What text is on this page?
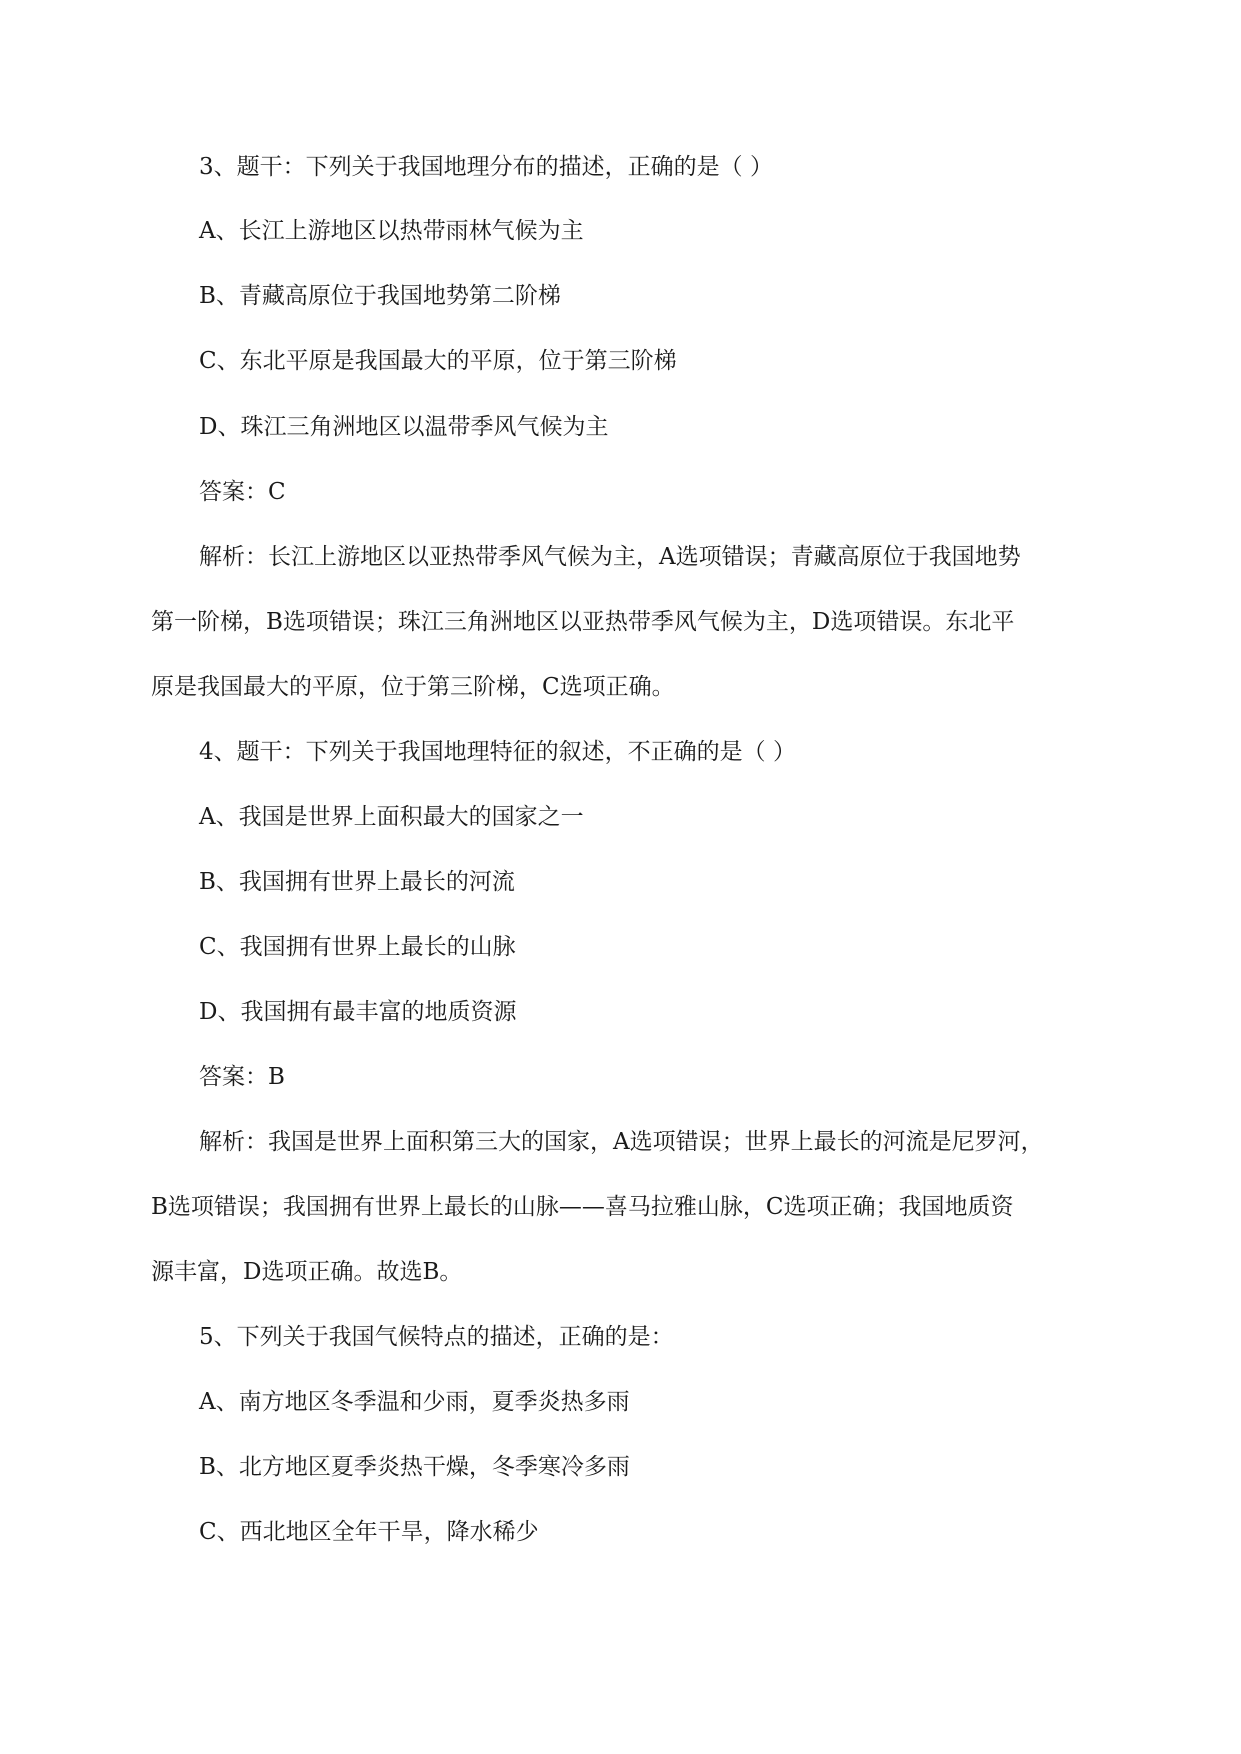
3、题干：下列关于我国地理分布的描述，正确的是（ ）
A、长江上游地区以热带雨林气候为主
B、青藏高原位于我国地势第二阶梯
C、东北平原是我国最大的平原，位于第三阶梯
D、珠江三角洲地区以温带季风气候为主
答案：C
解析：长江上游地区以亚热带季风气候为主，A选项错误；青藏高原位于我国地势
第一阶梯，B选项错误；珠江三角洲地区以亚热带季风气候为主，D选项错误。东北平
原是我国最大的平原，位于第三阶梯，C选项正确。
4、题干：下列关于我国地理特征的叙述，不正确的是（ ）
A、我国是世界上面积最大的国家之一
B、我国拥有世界上最长的河流
C、我国拥有世界上最长的山脉
D、我国拥有最丰富的地质资源
答案：B
解析：我国是世界上面积第三大的国家，A选项错误；世界上最长的河流是尼罗河，
B选项错误；我国拥有世界上最长的山脉——喜马拉雅山脉，C选项正确；我国地质资
源丰富，D选项正确。故选B。
5、下列关于我国气候特点的描述，正确的是：
A、南方地区冬季温和少雨，夏季炎热多雨
B、北方地区夏季炎热干燥，冬季寒冷多雨
C、西北地区全年干旱，降水稀少
